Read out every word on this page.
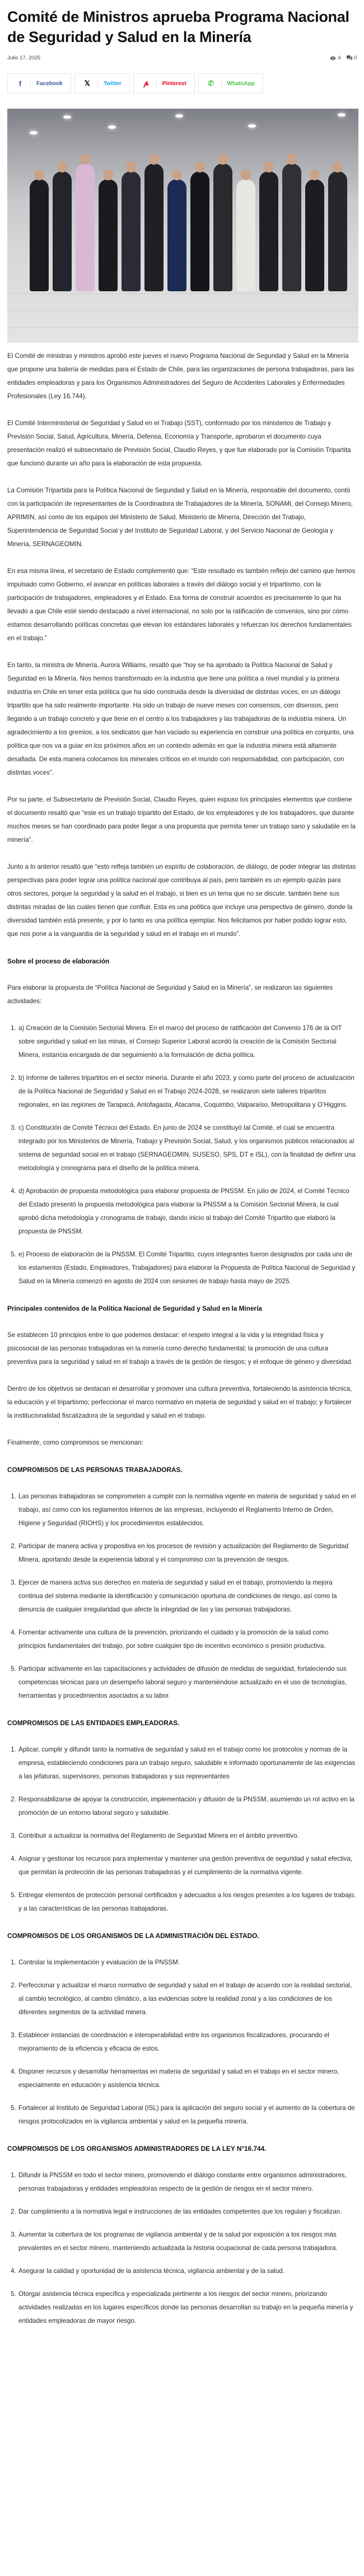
Comité de Ministros aprueba Programa Nacional de Seguridad y Salud en la Minería
Julio 17, 2025	4 0
f	Facebook	𝕏 Twitter	𝓅	Pinterest	✆ WhatsApp

El Comité de ministras y ministros aprobó este jueves el nuevo Programa Nacional de Seguridad y Salud en la Minería que propone una batería de medidas para el Estado de Chile, para las organizaciones de persona trabajadoras, para las entidades empleadoras y para los Organismos Administradores del Seguro de Accidentes Laborales y Enfermedades Profesionales (Ley 16.744).

El Comité Interministerial de Seguridad y Salud en el Trabajo (SST), conformado por los ministerios de Trabajo y Previsión Social, Salud, Agricultura, Minería, Defensa, Economía y Transporte, aprobaron el documento cuya presentación realizó el subsecretario de Previsión Social, Claudio Reyes, y que fue elaborado por la Comisión Tripartita que funcionó durante un año para la elaboración de esta propuesta.

La Comisión Tripartida para la Política Nacional de Seguridad y Salud en la Minería, responsable del documento, contó con la participación de representantes de la Coordinadora de Trabajadores de la Minería, SONAMI, del Consejo Minero, APRIMIN, así como de los equipos del Ministerio de Salud, Ministerio de Minería, Dirección del Trabajo, Superintendencia de Seguridad Social y del Instituto de Seguridad Laboral, y del Servicio Nacional de Geología y Minería, SERNAGEOMIN.

En esa misma línea, el secretario de Estado complementó que: “Este resultado es también reflejo del camino que hemos impulsado como Gobierno, el avanzar en políticas laborales a través del diálogo social y el tripartismo, con la participación de trabajadores, empleadores y el Estado. Esa forma de construir acuerdos es precisamente lo que ha llevado a que Chile esté siendo destacado a nivel internacional, no solo por la ratificación de convenios, sino por cómo estamos desarrollando políticas concretas que elevan los estándares laborales y refuerzan los derechos fundamentales en el trabajo.”

En tanto, la ministra de Minería, Aurora Williams, resaltó que “hoy se ha aprobado la Política Nacional de Salud y Seguridad en la Minería. Nos hemos transformado en la industria que tiene una política a nivel mundial y la primera industria en Chile en tener esta política que ha sido construida desde la diversidad de distintas voces, en un diálogo tripartito que ha sido realmente importante. Ha sido un trabajo de nueve meses con consensos, con disensos, pero llegando a un trabajo concreto y que tiene en el centro a los trabajadores y las trabajadoras de la industria minera. Un agradecimiento a los gremios, a los sindicatos que han vaciado su experiencia en construir una política en conjunto, una política que nos va a guiar en los próximos años en un contexto además en que la industria minera está altamente desafiada. De esta manera colocamos los minerales críticos en el mundo con responsabilidad, con participación, con distintas voces”.

Por su parte, el Subsecretario de Previsión Social, Claudio Reyes, quien expuso los principales elementos que contiene el documento resaltó que “este es un trabajo tripartito del Estado, de los empleadores y de los trabajadores, que durante muchos meses se han coordinado para poder llegar a una propuesta que permita tener un trabajo sano y saludable en la minería”.

Junto a lo anterior resaltó que “esto refleja también un espíritu de colaboración, de diálogo, de poder integrar las distintas perspectivas para poder lograr una política nacional que contribuya al país, pero también es un ejemplo quizás para otros sectores, porque la seguridad y la salud en el trabajo, si bien es un tema que no se discute, también tiene sus distintas miradas de las cuales tienen que confluir. Esta es una política que incluye una perspectiva de género, donde la diversidad también está presente, y por lo tanto es una política ejemplar. Nos felicitamos por haber podido lograr esto, que nos pone a la vanguardia de la seguridad y salud en el trabajo en el mundo”.

Sobre el proceso de elaboración

Para elaborar la propuesta de “Política Nacional de Seguridad y Salud en la Minería”, se realizaron las siguientes actividades:

1. a) Creación de la Comisión Sectorial Minera. En el marco del proceso de ratificación del Convenio 176 de la OIT sobre seguridad y salud en las minas, el Consejo Superior Laboral acordó la creación de la Comisión Sectorial Minera, instancia encargada de dar seguimiento a la formulación de dicha política.
2. b) Informe de talleres tripartitos en el sector minería. Durante el año 2023, y como parte del proceso de actualización de la Política Nacional de Seguridad y Salud en el Trabajo 2024-2028, se realizaron siete talleres tripartitos regionales, en las regiones de Tarapacá, Antofagasta, Atacama, Coquimbo, Valparaíso, Metropolitana y O’Higgins.
3. c) Constitución de Comité Técnico del Estado. En junio de 2024 se constituyó tal Comité, el cual se encuentra integrado por los Ministerios de Minería, Trabajo y Previsión Social, Salud, y los organismos públicos relacionados al sistema de seguridad social en el trabajo (SERNAGEOMIN, SUSESO, SPS, DT e ISL), con la finalidad de definir una metodología y cronograma para el diseño de la política minera.
4. d) Aprobación de propuesta metodológica para elaborar propuesta de PNSSM. En julio de 2024, el Comité Técnico del Estado presentó la propuesta metodológica para elaborar la PNSSM a la Comisión Sectorial Minera, la cual aprobó dicha metodología y cronograma de trabajo, dando inicio al trabajo del Comité Tripartito que elaboró la propuesta de PNSSM.
5. e) Proceso de elaboración de la PNSSM. El Comité Tripartito, cuyos integrantes fueron designados por cada uno de los estamentos (Estado, Empleadores, Trabajadores) para elaborar la Propuesta de Política Nacional de Seguridad y Salud en la Minería comenzó en agosto de 2024 con sesiones de trabajo hasta mayo de 2025.
Principales contenidos de la Política Nacional de Seguridad y Salud en la Minería

Se establecen 10 principios entre lo que podemos destacar: el respeto integral a la vida y la integridad física y psicosocial de las personas trabajadoras en la minería como derecho fundamental; la promoción de una cultura preventiva para la seguridad y salud en el trabajo a través de la gestión de riesgos; y el enfoque de género y diversidad.

Dentro de los objetivos se destacan el desarrollar y promover una cultura preventiva, fortaleciendo la asistencia técnica, la educación y el tripartismo; perfeccionar el marco normativo en materia de seguridad y salud en el trabajo; y fortalecer la institucionalidad fiscalizadora de la seguridad y salud en el trabajo.

Finalmente, como compromisos se mencionan:

COMPROMISOS DE LAS PERSONAS TRABAJADORAS.
1. Las personas trabajadoras se comprometen a cumplir con la normativa vigente en materia de seguridad y salud en el trabajo, así como con los reglamentos internos de las empresas, incluyendo el Reglamento Interno de Orden, Higiene y Seguridad (RIOHS) y los procedimientos establecidos.
2. Participar de manera activa y propositiva en los procesos de revisión y actualización del Reglamento de Seguridad Minera, aportando desde la experiencia laboral y el compromiso con la prevención de riesgos.
3. Ejercer de manera activa sus derechos en materia de seguridad y salud en el trabajo, promoviendo la mejora continua del sistema mediante la identificación y comunicación oportuna de condiciones de riesgo, así como la denuncia de cualquier irregularidad que afecte la integridad de las y las personas trabajadoras.
4. Fomentar activamente una cultura de la prevención, priorizando el cuidado y la promoción de la salud como principios fundamentales del trabajo, por sobre cualquier tipo de incentivo económico o presión productiva.
5. Participar activamente en las capacitaciones y actividades de difusión de medidas de seguridad, fortaleciendo sus competencias técnicas para un desempeño laboral seguro y manteniéndose actualizado en el uso de tecnologías, herramientas y procedimientos asociados a su labor.
COMPROMISOS DE LAS ENTIDADES EMPLEADORAS.
1. Aplicar, cumplir y difundir tanto la normativa de seguridad y salud en el trabajo como los protocolos y normas de la empresa, estableciendo condiciones para un trabajo seguro, saludable e informado oportunamente de las exigencias a las jefaturas, supervisores, personas trabajadoras y sus representantes
2. Responsabilizarse de apoyar la construcción, implementación y difusión de la PNSSM, asumiendo un rol activo en la promoción de un entorno laboral seguro y saludable.
3. Contribuir a actualizar la normativa del Reglamento de Seguridad Minera en el ámbito preventivo.
4. Asignar y gestionar los recursos para implementar y mantener una gestión preventiva de seguridad y salud efectiva, que permitan la protección de las personas trabajadoras y el cumplimiento de la normativa vigente.
5. Entregar elementos de protección personal certificados y adecuados a los riesgos presentes a los lugares de trabajo, y a las características de las personas trabajadoras.
COMPROMISOS DE LOS ORGANISMOS DE LA ADMINISTRACIÓN DEL ESTADO.
1. Controlar la implementación y evaluación de la PNSSM.
2. Perfeccionar y actualizar el marco normativo de seguridad y salud en el trabajo de acuerdo con la realidad sectorial, al cambio tecnológico, al cambio climático, a las evidencias sobre la realidad zonal y a las condiciones de los diferentes segmentos de la actividad minera.
3. Establecer instancias de coordinación e interoperabilidad entre los organismos fiscalizadores, procurando el mejoramiento de la eficiencia y eficacia de estos.
4. Disponer recursos y desarrollar herramientas en materia de seguridad y salud en el trabajo en el sector minero, especialmente en educación y asistencia técnica.
5. Fortalecer al Instituto de Seguridad Laboral (ISL) para la aplicación del seguro social y el aumento de la cobertura de riesgos protocolizados en la vigilancia ambiental y salud en la pequeña minería.
COMPROMISOS DE LOS ORGANISMOS ADMINISTRADORES DE LA LEY N°16.744.
1. Difundir la PNSSM en todo el sector minero, promoviendo el diálogo constante entre organismos administradores, personas trabajadoras y entidades empleadoras respecto de la gestión de riesgos en el sector minero.
2. Dar cumplimiento a la normativa legal e instrucciones de las entidades competentes que los regulan y fiscalizan.
3. Aumentar la cobertura de los programas de vigilancia ambiental y de la salud por exposición a los riesgos más prevalentes en el sector minero, manteniendo actualizada la historia ocupacional de cada persona trabajadora.
4. Asegurar la calidad y oportunidad de la asistencia técnica, vigilancia ambiental y de la salud.
5. Otorgar asistencia técnica específica y especializada pertinente a los riesgos del sector minero, priorizando actividades realizadas en los lugares específicos donde las personas desarrollan su trabajo en la pequeña minería y entidades empleadoras de mayor riesgo.
